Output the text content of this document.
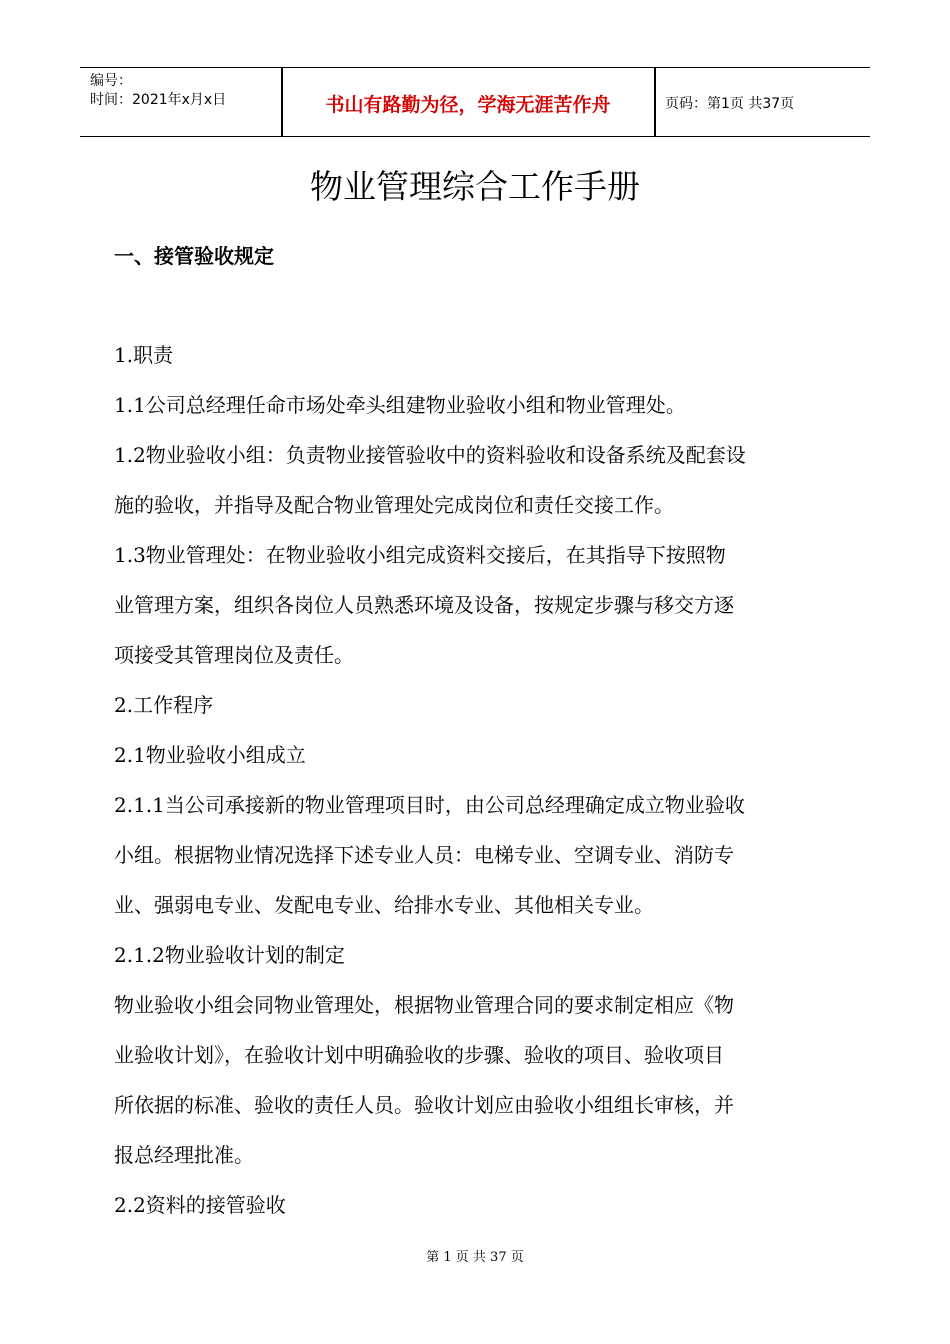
编号：
时间：2021年x月x日	书山有路勤为径，学海无涯苦作舟	页码：第1页 共37页
物业管理综合工作手册
一、接管验收规定
1.职责
1.1公司总经理任命市场处牵头组建物业验收小组和物业管理处。
1.2物业验收小组：负责物业接管验收中的资料验收和设备系统及配套设
施的验收，并指导及配合物业管理处完成岗位和责任交接工作。
1.3物业管理处：在物业验收小组完成资料交接后，在其指导下按照物
业管理方案，组织各岗位人员熟悉环境及设备，按规定步骤与移交方逐
项接受其管理岗位及责任。
2.工作程序
2.1物业验收小组成立
2.1.1当公司承接新的物业管理项目时，由公司总经理确定成立物业验收
小组。根据物业情况选择下述专业人员：电梯专业、空调专业、消防专
业、强弱电专业、发配电专业、给排水专业、其他相关专业。
2.1.2物业验收计划的制定
物业验收小组会同物业管理处，根据物业管理合同的要求制定相应《物
业验收计划》，在验收计划中明确验收的步骤、验收的项目、验收项目
所依据的标准、验收的责任人员。验收计划应由验收小组组长审核，并
报总经理批准。
2.2资料的接管验收
第 1 页 共 37 页
